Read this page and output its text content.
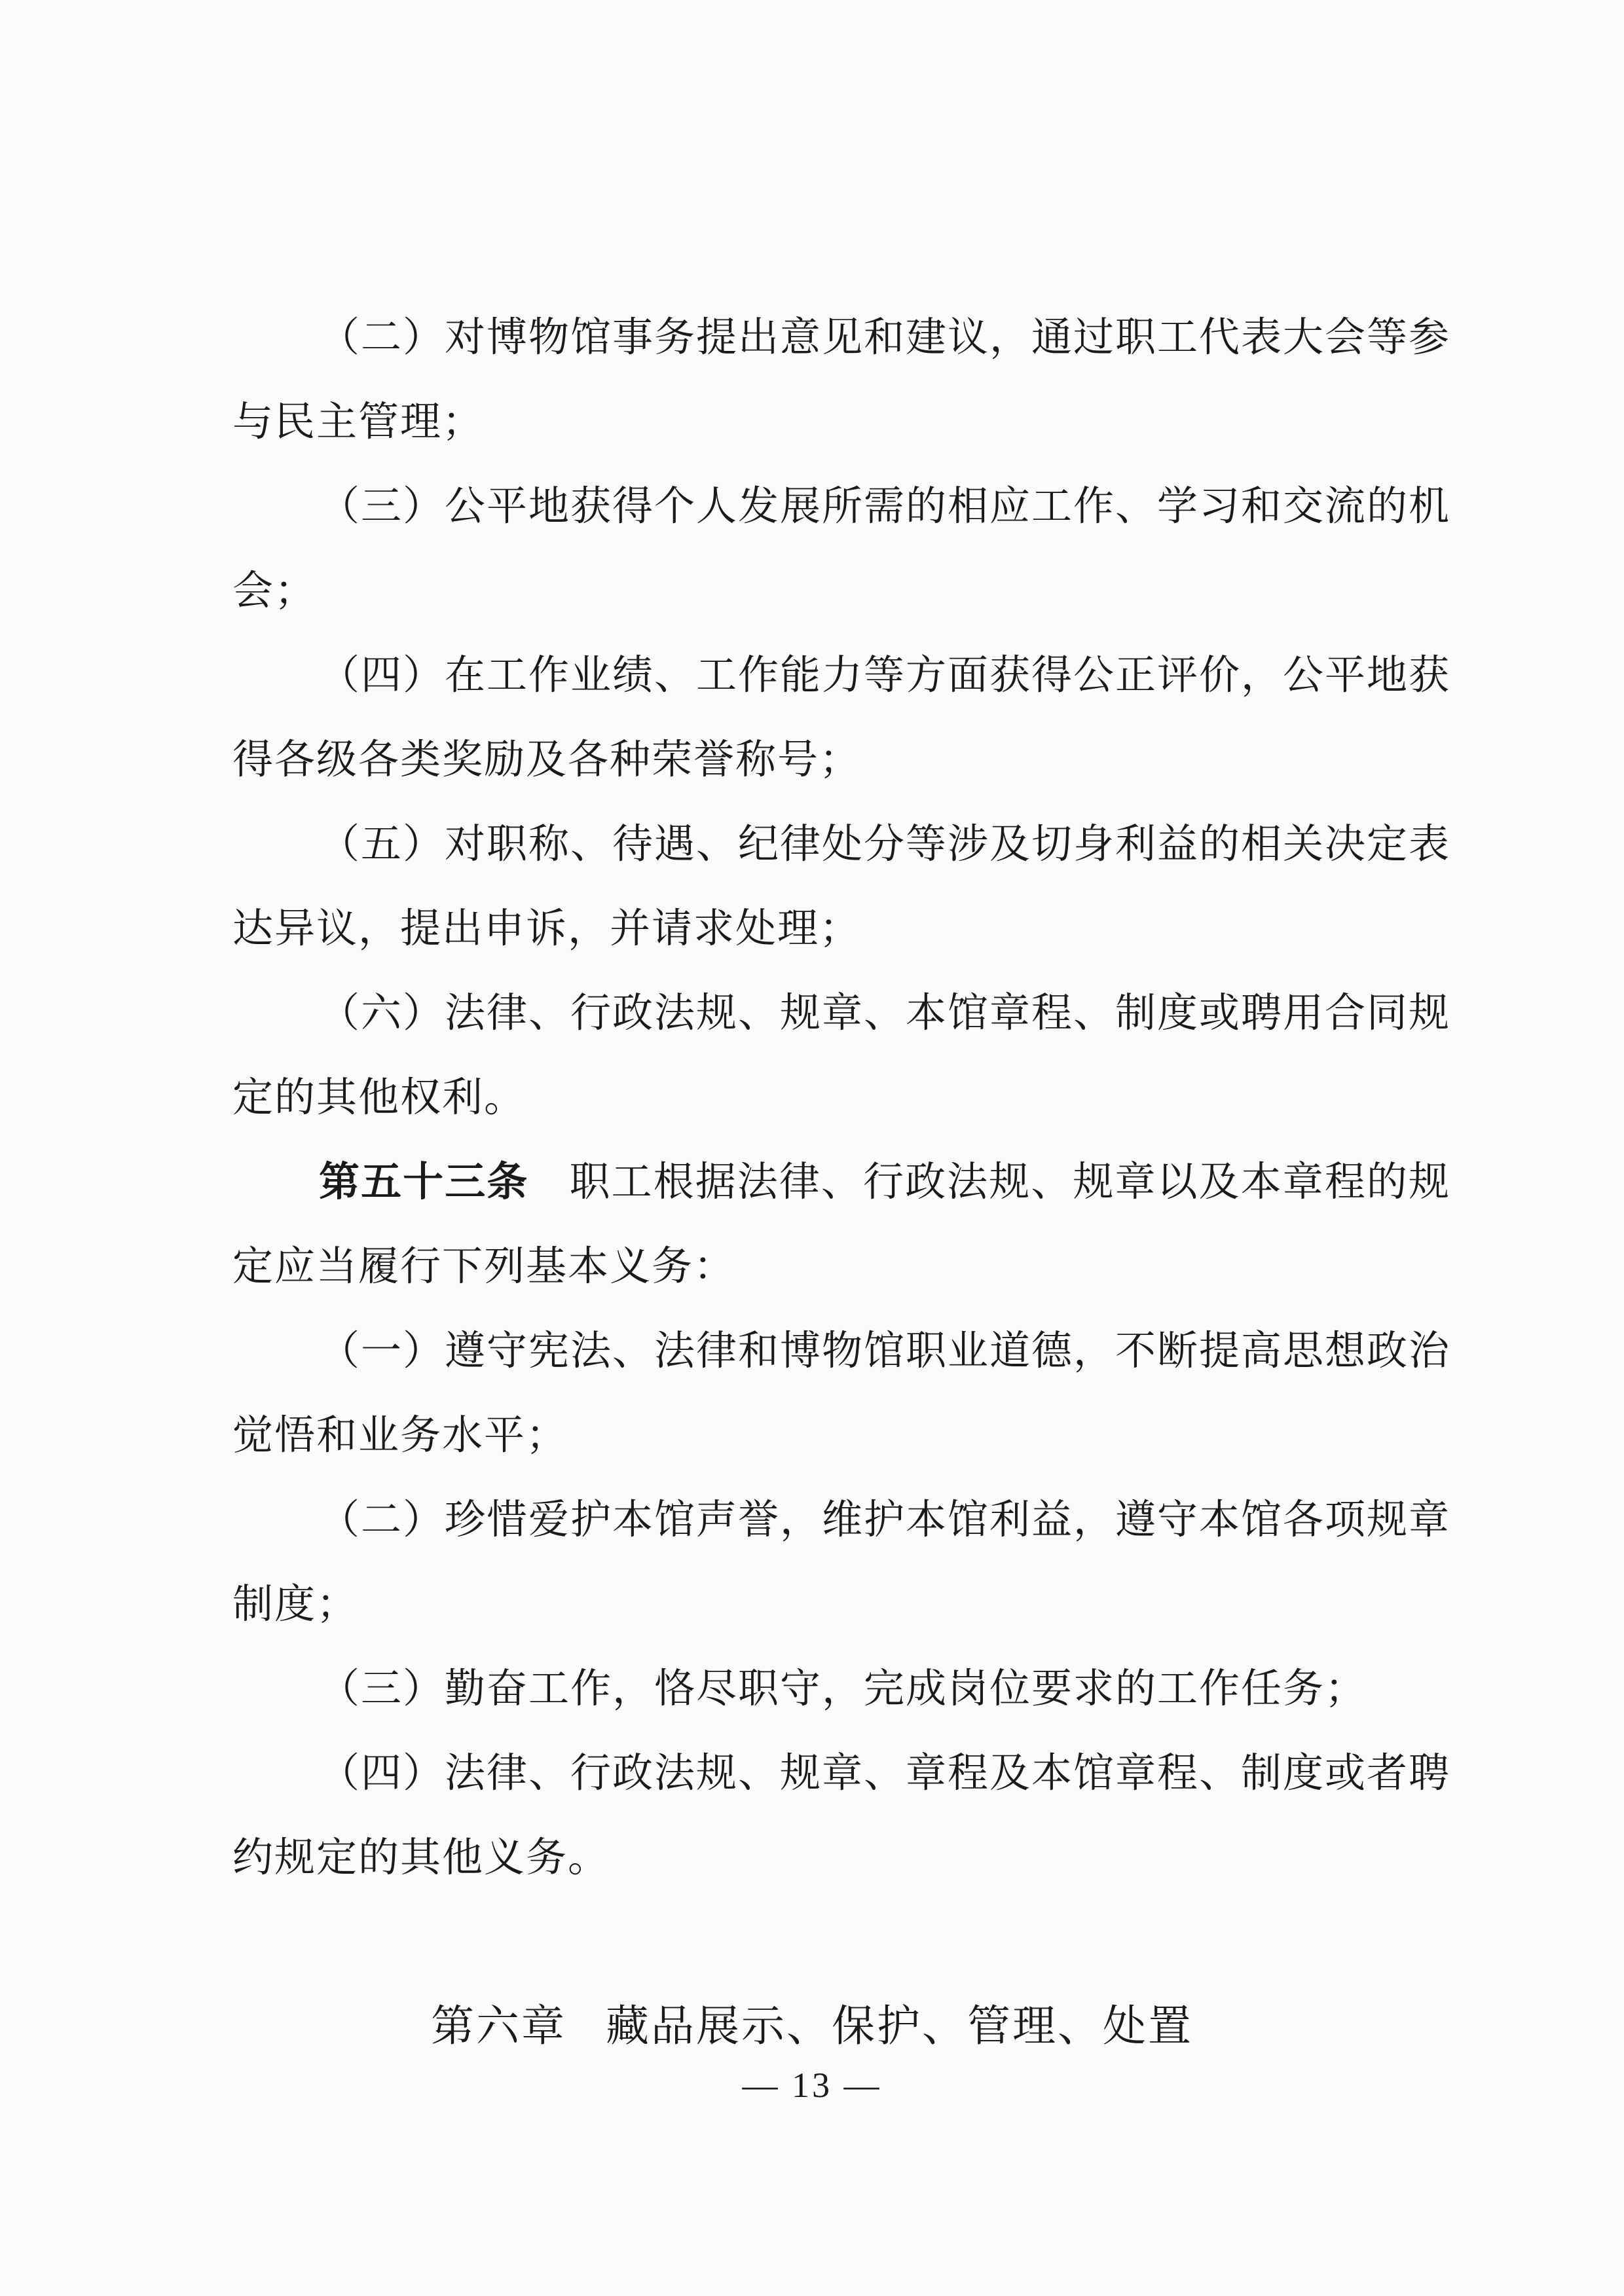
（二）对博物馆事务提出意见和建议，通过职工代表大会等参与民主管理；

（三）公平地获得个人发展所需的相应工作、学习和交流的机会；

（四）在工作业绩、工作能力等方面获得公正评价，公平地获得各级各类奖励及各种荣誉称号；

（五）对职称、待遇、纪律处分等涉及切身利益的相关决定表达异议，提出申诉，并请求处理；

（六）法律、行政法规、规章、本馆章程、制度或聘用合同规定的其他权利。

第五十三条 职工根据法律、行政法规、规章以及本章程的规定应当履行下列基本义务：

（一）遵守宪法、法律和博物馆职业道德，不断提高思想政治觉悟和业务水平；

（二）珍惜爱护本馆声誉，维护本馆利益，遵守本馆各项规章制度；

（三）勤奋工作，恪尽职守，完成岗位要求的工作任务；

（四）法律、行政法规、规章、章程及本馆章程、制度或者聘约规定的其他义务。

第六章 藏品展示、保护、管理、处置
— 13 —
